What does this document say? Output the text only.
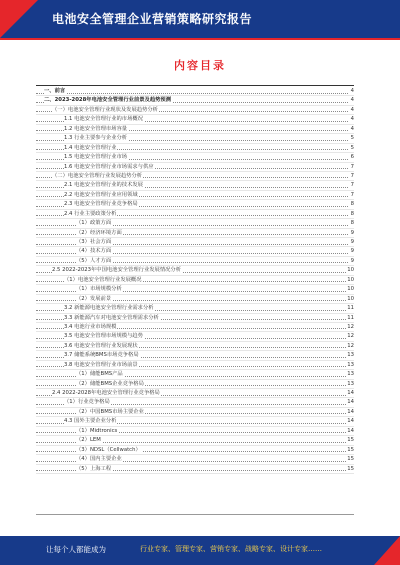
电池安全管理企业营销策略研究报告
内容目录
一、前言	4
二、2023-2028年电池安全管理行业前景及趋势预测	4
（一）电池安全管理行业现状及发展趋势分析	4
1.1 电池安全管理行业的市场概况	4
1.2 电池安全管理市场容量	4
1.3 行业主要参与企业分析	5
1.4 电池安全管理行业	5
1.5 电池安全管理行业市场	6
1.6 电池安全管理行业市场需求与供应	7
（二）电池安全管理行业发展趋势分析	7
2.1 电池安全管理行业的技术发展	7
2.2 电池安全管理行业应用领域	7
2.3 电池安全管理行业竞争格局	8
2.4 行业主要政策分析	8
（1）政策方面	8
（2）经济环境方面	9
（3）社会方面	9
（4）技术方面	9
（5）人才方面	9
2.5 2022-2023年中国电池安全管理行业发展情况分析	10
（1）电池安全管理行业发展概况	10
（1）市场规模分析	10
（2）发展前景	10
3.2 新能源电池安全管理行业需求分析	11
3.3 新能源汽车对电池安全管理需求分析	11
3.4 电池行业市场规模	12
3.5 电池安全管理市场规模与趋势	12
3.6 电池安全管理行业发展现状	12
3.7 储能系统BMS市场竞争格局	13
3.8 电池安全管理行业市场前景	13
（1）储能BMS产品	13
（2）储能BMS企业竞争格局	13
2.4 2022-2028年电池安全管理行业竞争格局	14
（1）行业竞争格局	14
（2）中国BMS市场主要企业	14
4.3 国外主要企业分析	14
（1）Midtronics	14
（2）LEM	15
（3）NDSL（Cellwatch）	15
（4）国内主要企业	15
（5）上海工程	15
让每个人都能成为	行业专家、管理专家、营销专家、战略专家、设计专家……
